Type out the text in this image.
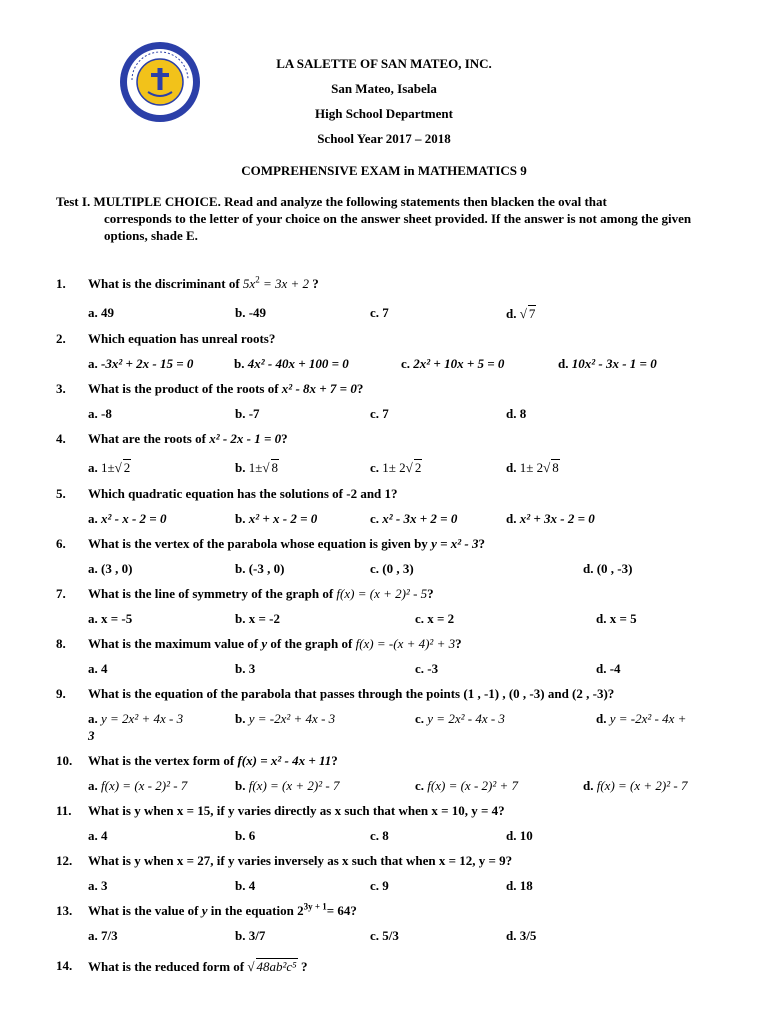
LA SALETTE OF SAN MATEO, INC.
San Mateo, Isabela
High School Department
School Year 2017 – 2018
COMPREHENSIVE EXAM in MATHEMATICS 9
Test I. MULTIPLE CHOICE. Read and analyze the following statements then blacken the oval that
corresponds to the letter of your choice on the answer sheet provided. If the answer is not among the given options, shade E.
1. What is the discriminant of $5x^2 = 3x + 2$ ?
a. 49	b. -49	c. 7	d. √ 7
2. Which equation has unreal roots?
a. -3x² + 2x - 15 = 0	b. 4x² - 40x + 100 = 0	c. 2x² + 10x + 5 = 0	d. 10x² - 3x - 1 = 0
3. What is the product of the roots of x² - 8x + 7 = 0?
a. -8	b. -7	c. 7	d. 8
4. What are the roots of x² - 2x - 1 = 0?
a. 1±√ 2	b. 1±√ 8	c. 1± 2√ 2	d. 1± 2√ 8
5. Which quadratic equation has the solutions of -2 and 1?
a. x² - x - 2 = 0	b. x² + x - 2 = 0	c. x² - 3x + 2 = 0	d. x² + 3x - 2 = 0
6. What is the vertex of the parabola whose equation is given by y = x² - 3?
a. (3 , 0)	b. (-3 , 0)	c. (0 , 3)	d. (0 , -3)
7. What is the line of symmetry of the graph of f(x) = (x + 2)² - 5?
a. x = -5	b. x = -2	c. x = 2	d. x = 5
8. What is the maximum value of y of the graph of f(x) = -(x + 4)² + 3?
a. 4	b. 3	c. -3	d. -4
9. What is the equation of the parabola that passes through the points (1 , -1) , (0 , -3) and (2 , -3)?
a. y = 2x² + 4x - 3	b. y = -2x² + 4x - 3	c. y = 2x² - 4x - 3	d. y = -2x² - 4x +
3
10. What is the vertex form of f(x) = x² - 4x + 11?
a. f(x) = (x - 2)² - 7	b. f(x) = (x + 2)² - 7	c. f(x) = (x - 2)² + 7	d. f(x) = (x + 2)² - 7
11. What is y when x = 15, if y varies directly as x such that when x = 10, y = 4?
a. 4	b. 6	c. 8	d. 10
12. What is y when x = 27, if y varies inversely as x such that when x = 12, y = 9?
a. 3	b. 4	c. 9	d. 18
13. What is the value of y in the equation $2^{3y + 1}= 64$?
a. 7/3	b. 3/7	c. 5/3	d. 3/5
14. What is the reduced form of √ 48ab²c⁵ ?
